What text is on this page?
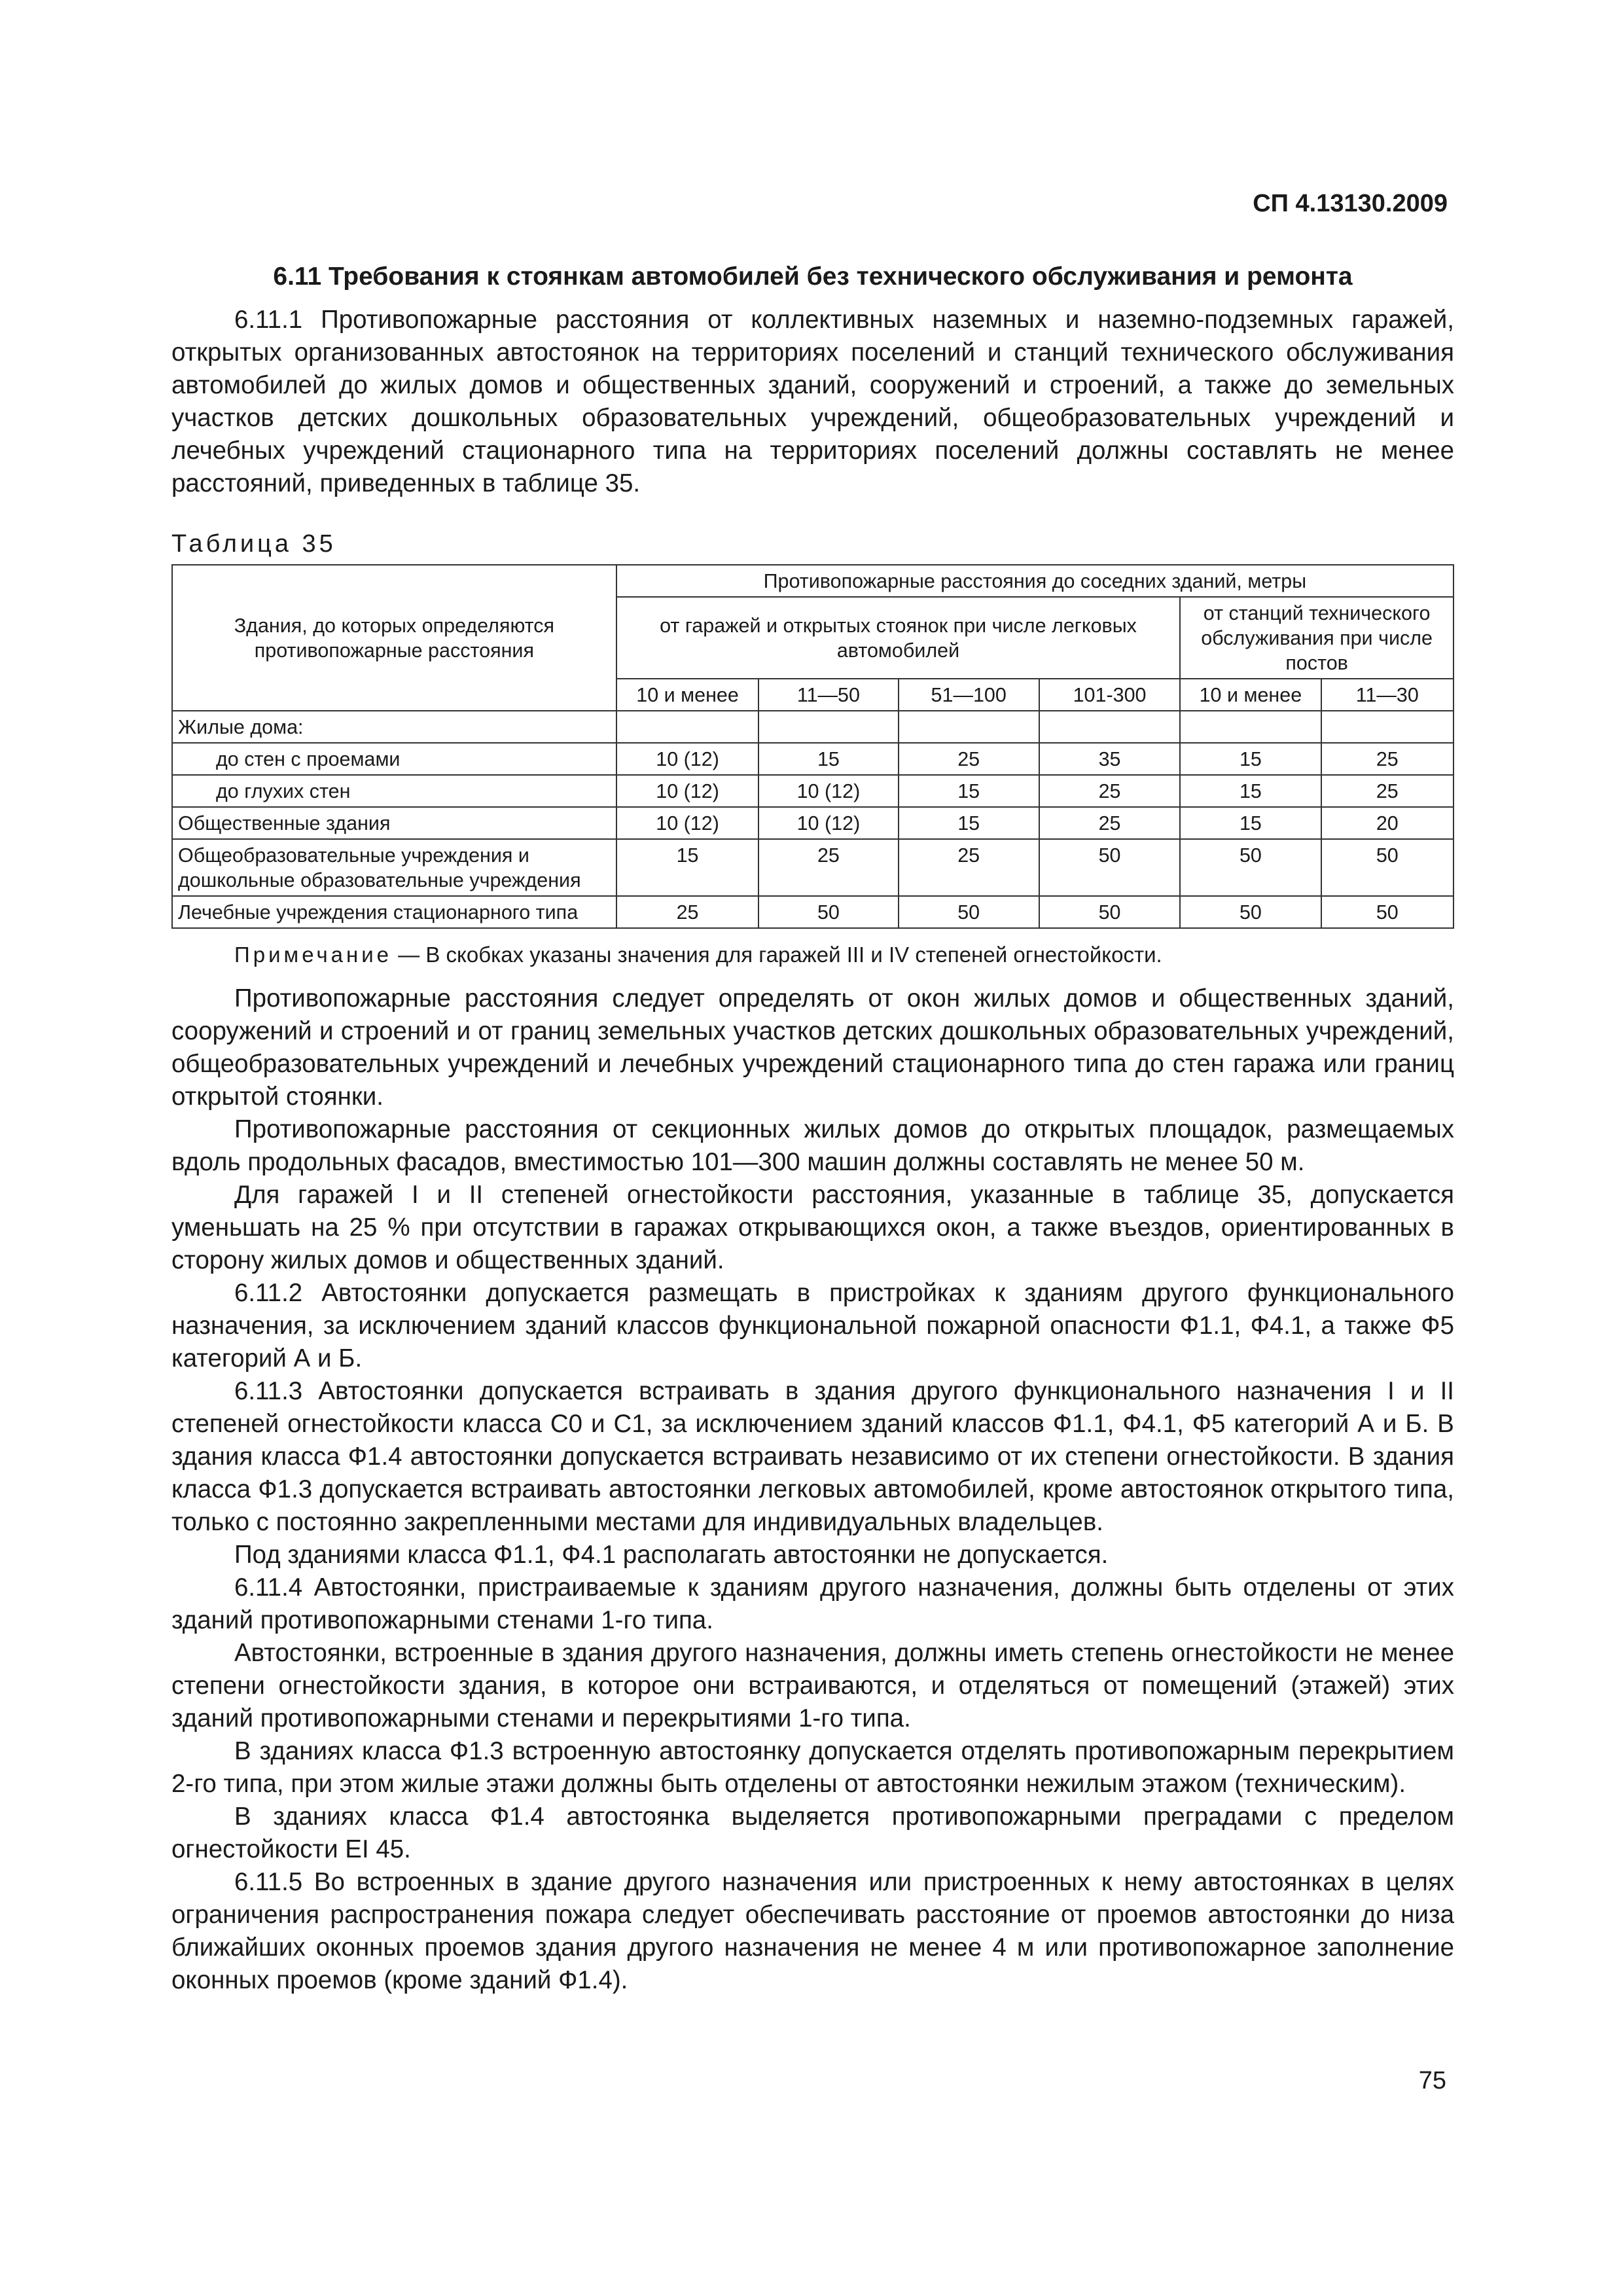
СП 4.13130.2009
6.11 Требования к стоянкам автомобилей без технического обслуживания и ремонта

6.11.1 Противопожарные расстояния от коллективных наземных и наземно-подземных гаражей, открытых организованных автостоянок на территориях поселений и станций технического обслуживания автомобилей до жилых домов и общественных зданий, сооружений и строений, а также до земельных участков детских дошкольных образовательных учреждений, общеобразовательных учреждений и лечебных учреждений стационарного типа на территориях поселений должны составлять не менее расстояний, приведенных в таблице 35.

Таблица 35
Здания, до которых определяются противопожарные расстояния	Противопожарные расстояния до соседних зданий, метры					
	от гаражей и открытых стоянок при числе легковых автомобилей				от станций технического обслуживания при числе постов	
	10 и менее	11—50	51—100	101-300	10 и менее	11—30
Жилые дома:						
до стен с проемами	10 (12)	15	25	35	15	25
до глухих стен	10 (12)	10 (12)	15	25	15	25
Общественные здания	10 (12)	10 (12)	15	25	15	20
Общеобразовательные учреждения и дошкольные образовательные учреждения	15	25	25	50	50	50
Лечебные учреждения стационарного типа	25	50	50	50	50	50
Примечание — В скобках указаны значения для гаражей III и IV степеней огнестойкости.

Противопожарные расстояния следует определять от окон жилых домов и общественных зданий, сооружений и строений и от границ земельных участков детских дошкольных образовательных учреждений, общеобразовательных учреждений и лечебных учреждений стационарного типа до стен гаража или границ открытой стоянки.

Противопожарные расстояния от секционных жилых домов до открытых площадок, размещаемых вдоль продольных фасадов, вместимостью 101—300 машин должны составлять не менее 50 м.

Для гаражей I и II степеней огнестойкости расстояния, указанные в таблице 35, допускается уменьшать на 25 % при отсутствии в гаражах открывающихся окон, а также въездов, ориентированных в сторону жилых домов и общественных зданий.

6.11.2 Автостоянки допускается размещать в пристройках к зданиям другого функционального назначения, за исключением зданий классов функциональной пожарной опасности Ф1.1, Ф4.1, а также Ф5 категорий А и Б.

6.11.3 Автостоянки допускается встраивать в здания другого функционального назначения I и II степеней огнестойкости класса С0 и С1, за исключением зданий классов Ф1.1, Ф4.1, Ф5 категорий А и Б. В здания класса Ф1.4 автостоянки допускается встраивать независимо от их степени огнестойкости. В здания класса Ф1.3 допускается встраивать автостоянки легковых автомобилей, кроме автостоянок открытого типа, только с постоянно закрепленными местами для индивидуальных владельцев.

Под зданиями класса Ф1.1, Ф4.1 располагать автостоянки не допускается.

6.11.4 Автостоянки, пристраиваемые к зданиям другого назначения, должны быть отделены от этих зданий противопожарными стенами 1-го типа.

Автостоянки, встроенные в здания другого назначения, должны иметь степень огнестойкости не менее степени огнестойкости здания, в которое они встраиваются, и отделяться от помещений (этажей) этих зданий противопожарными стенами и перекрытиями 1-го типа.

В зданиях класса Ф1.3 встроенную автостоянку допускается отделять противопожарным перекрытием 2-го типа, при этом жилые этажи должны быть отделены от автостоянки нежилым этажом (техническим).

В зданиях класса Ф1.4 автостоянка выделяется противопожарными преградами с пределом огнестойкости EI 45.

6.11.5 Во встроенных в здание другого назначения или пристроенных к нему автостоянках в целях ограничения распространения пожара следует обеспечивать расстояние от проемов автостоянки до низа ближайших оконных проемов здания другого назначения не менее 4 м или противопожарное заполнение оконных проемов (кроме зданий Ф1.4).

75
